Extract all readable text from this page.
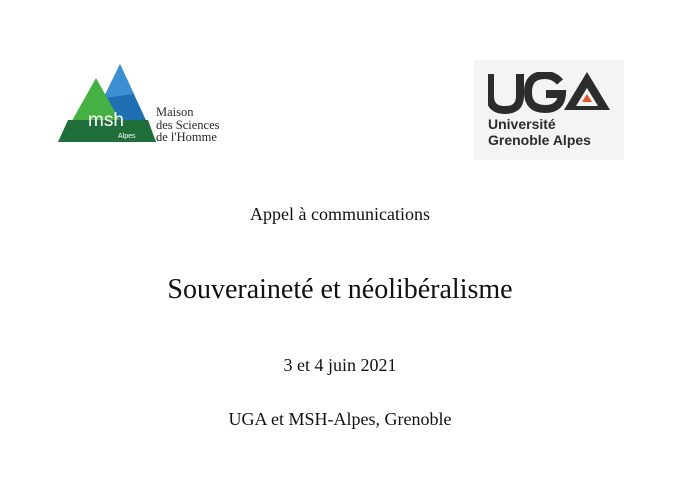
msh
Alpes
Maison
des Sciences
de l'Homme
Université
Grenoble Alpes
Appel à communications
Souveraineté et néolibéralisme
3 et 4 juin 2021
UGA et MSH-Alpes, Grenoble
